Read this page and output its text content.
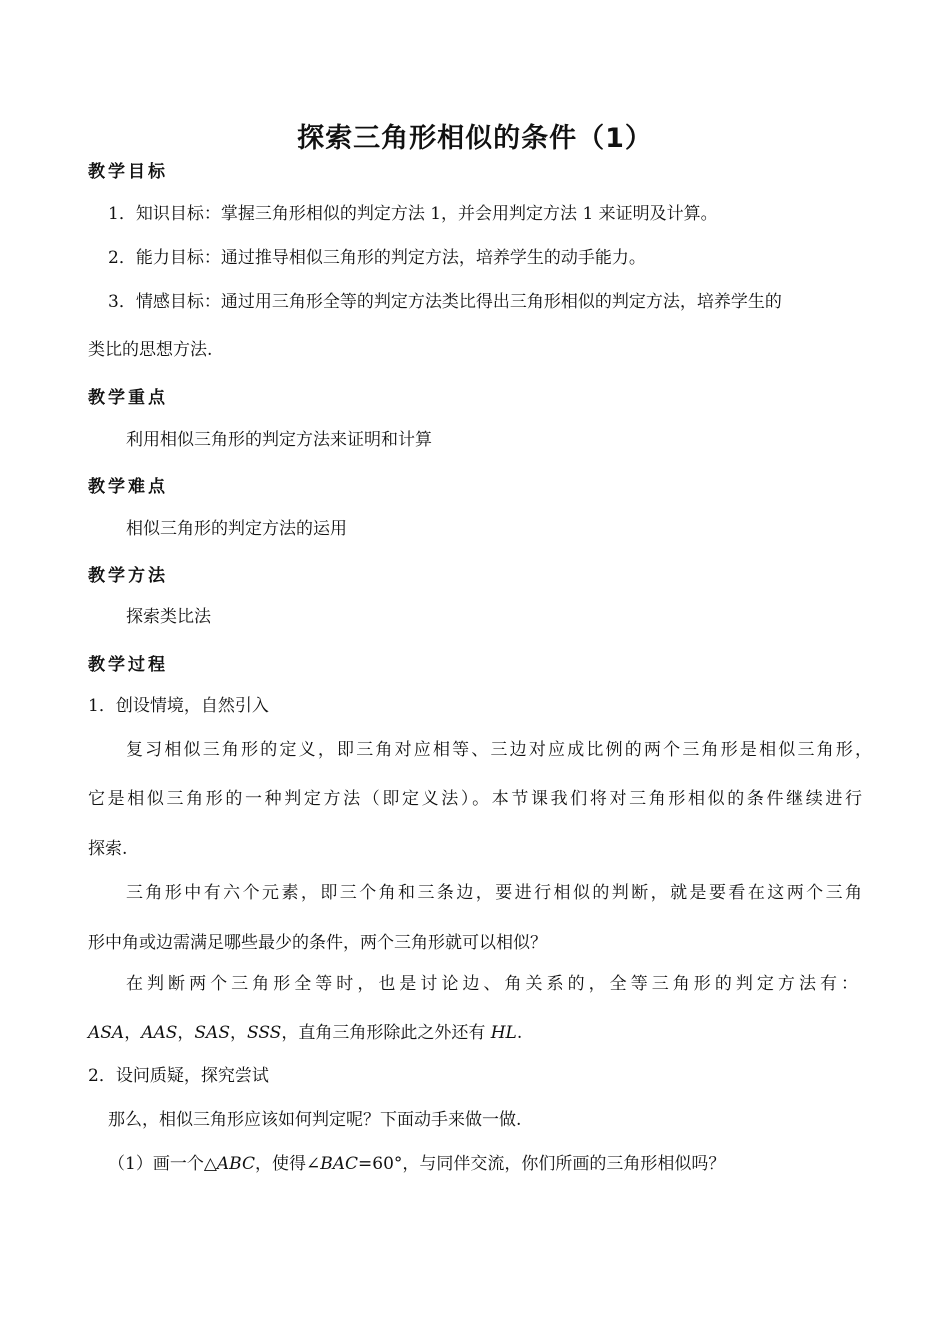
探索三角形相似的条件（1）
教学目标
1．知识目标：掌握三角形相似的判定方法 1，并会用判定方法 1 来证明及计算。
2．能力目标：通过推导相似三角形的判定方法，培养学生的动手能力。
3．情感目标：通过用三角形全等的判定方法类比得出三角形相似的判定方法，培养学生的
类比的思想方法.
教学重点
利用相似三角形的判定方法来证明和计算
教学难点
相似三角形的判定方法的运用
教学方法
探索类比法
教学过程
1．创设情境，自然引入
复习相似三角形的定义，即三角对应相等、三边对应成比例的两个三角形是相似三角形，
它是相似三角形的一种判定方法（即定义法）。本节课我们将对三角形相似的条件继续进行
探索.
三角形中有六个元素，即三个角和三条边，要进行相似的判断，就是要看在这两个三角
形中角或边需满足哪些最少的条件，两个三角形就可以相似？
在判断两个三角形全等时，也是讨论边、角关系的，全等三角形的判定方法有：
ASA，AAS，SAS，SSS，直角三角形除此之外还有 HL.
2．设问质疑，探究尝试
那么，相似三角形应该如何判定呢？下面动手来做一做.
（1）画一个△ABC，使得∠BAC=60°，与同伴交流，你们所画的三角形相似吗？
